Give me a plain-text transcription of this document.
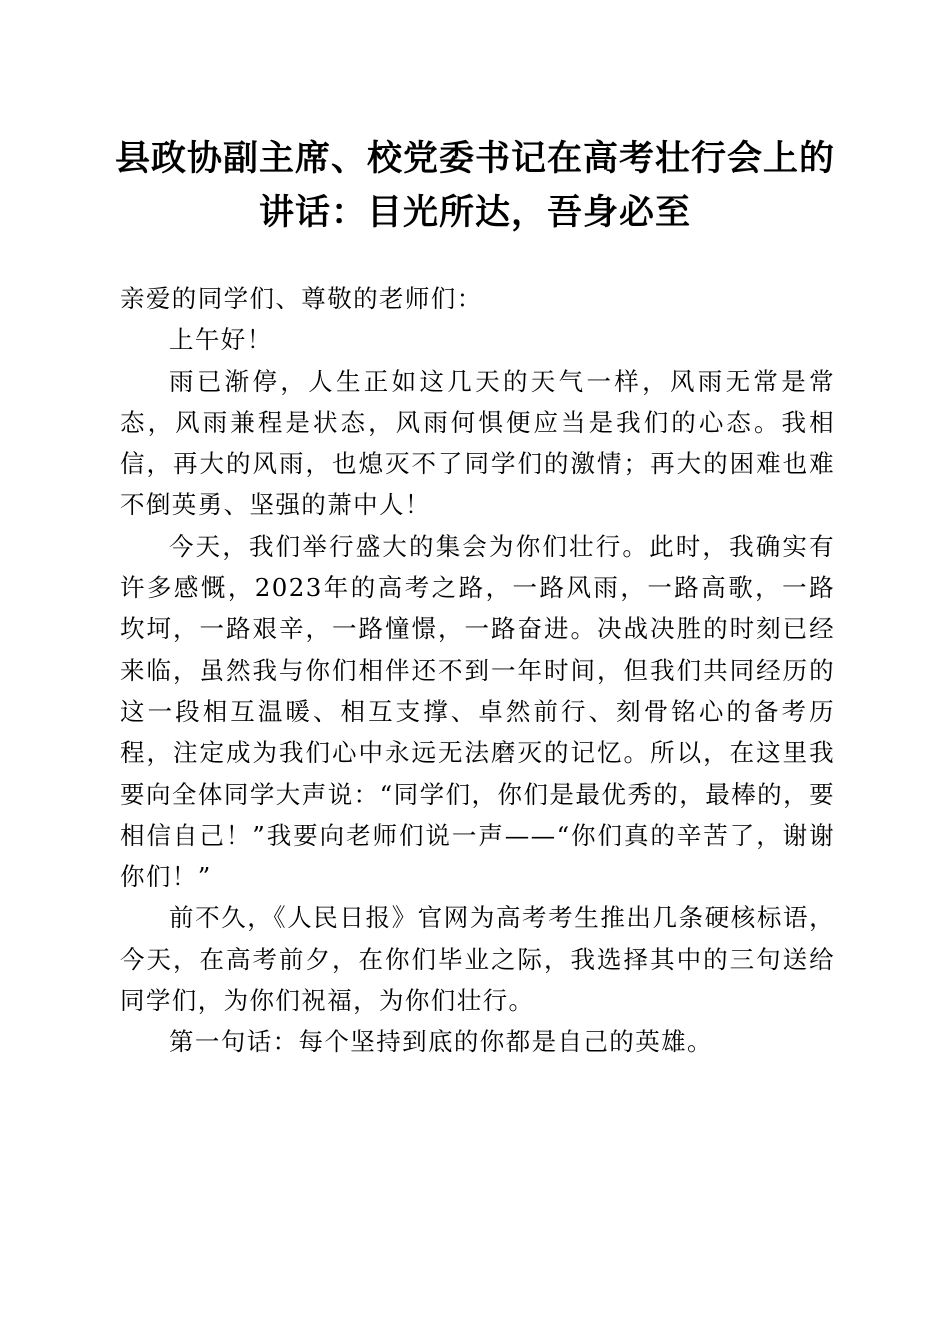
县政协副主席、校党委书记在高考壮行会上的
讲话：目光所达，吾身必至

亲爱的同学们、尊敬的老师们：

上午好！

雨已渐停，人生正如这几天的天气一样，风雨无常是常态，风雨兼程是状态，风雨何惧便应当是我们的心态。我相信，再大的风雨，也熄灭不了同学们的激情；再大的困难也难不倒英勇、坚强的萧中人！

今天，我们举行盛大的集会为你们壮行。此时，我确实有许多感慨，2023年的高考之路，一路风雨，一路高歌，一路坎坷，一路艰辛，一路憧憬，一路奋进。决战决胜的时刻已经来临，虽然我与你们相伴还不到一年时间，但我们共同经历的这一段相互温暖、相互支撑、卓然前行、刻骨铭心的备考历程，注定成为我们心中永远无法磨灭的记忆。所以，在这里我要向全体同学大声说：“同学们，你们是最优秀的，最棒的，要相信自己！”我要向老师们说一声——“你们真的辛苦了，谢谢你们！”

前不久，《人民日报》官网为高考考生推出几条硬核标语，今天，在高考前夕，在你们毕业之际，我选择其中的三句送给同学们，为你们祝福，为你们壮行。

第一句话：每个坚持到底的你都是自己的英雄。
